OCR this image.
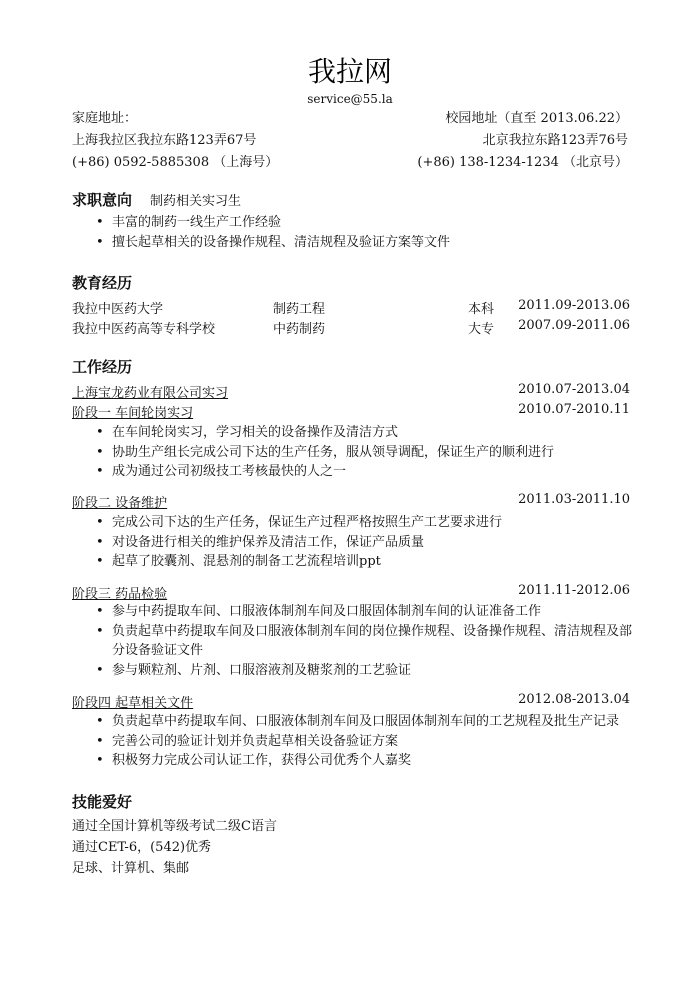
我拉网
service@55.la
家庭地址：
上海我拉区我拉东路123弄67号
(+86) 0592-5885308 （上海号）
校园地址（直至 2013.06.22）
北京我拉东路123弄76号
(+86) 138-1234-1234 （北京号）
求职意向 制药相关实习生
• 丰富的制药一线生产工作经验
• 擅长起草相关的设备操作规程、清洁规程及验证方案等文件
教育经历
我拉中医药大学	制药工程	本科 2011.09-2013.06
我拉中医药高等专科学校	中药制药	大专 2007.09-2011.06
工作经历
上海宝龙药业有限公司实习	2010.07-2013.04
阶段一 车间轮岗实习	2010.07-2010.11
• 在车间轮岗实习，学习相关的设备操作及清洁方式
• 协助生产组长完成公司下达的生产任务，服从领导调配，保证生产的顺利进行
• 成为通过公司初级技工考核最快的人之一
阶段二 设备维护	2011.03-2011.10
• 完成公司下达的生产任务，保证生产过程严格按照生产工艺要求进行
• 对设备进行相关的维护保养及清洁工作，保证产品质量
• 起草了胶囊剂、混悬剂的制备工艺流程培训ppt
阶段三 药品检验	2011.11-2012.06
• 参与中药提取车间、口服液体制剂车间及口服固体制剂车间的认证准备工作
• 负责起草中药提取车间及口服液体制剂车间的岗位操作规程、设备操作规程、清洁规程及部
分设备验证文件
• 参与颗粒剂、片剂、口服溶液剂及糖浆剂的工艺验证
阶段四 起草相关文件	2012.08-2013.04
• 负责起草中药提取车间、口服液体制剂车间及口服固体制剂车间的工艺规程及批生产记录
• 完善公司的验证计划并负责起草相关设备验证方案
• 积极努力完成公司认证工作，获得公司优秀个人嘉奖
技能爱好
通过全国计算机等级考试二级C语言
通过CET-6，(542)优秀
足球、计算机、集邮
